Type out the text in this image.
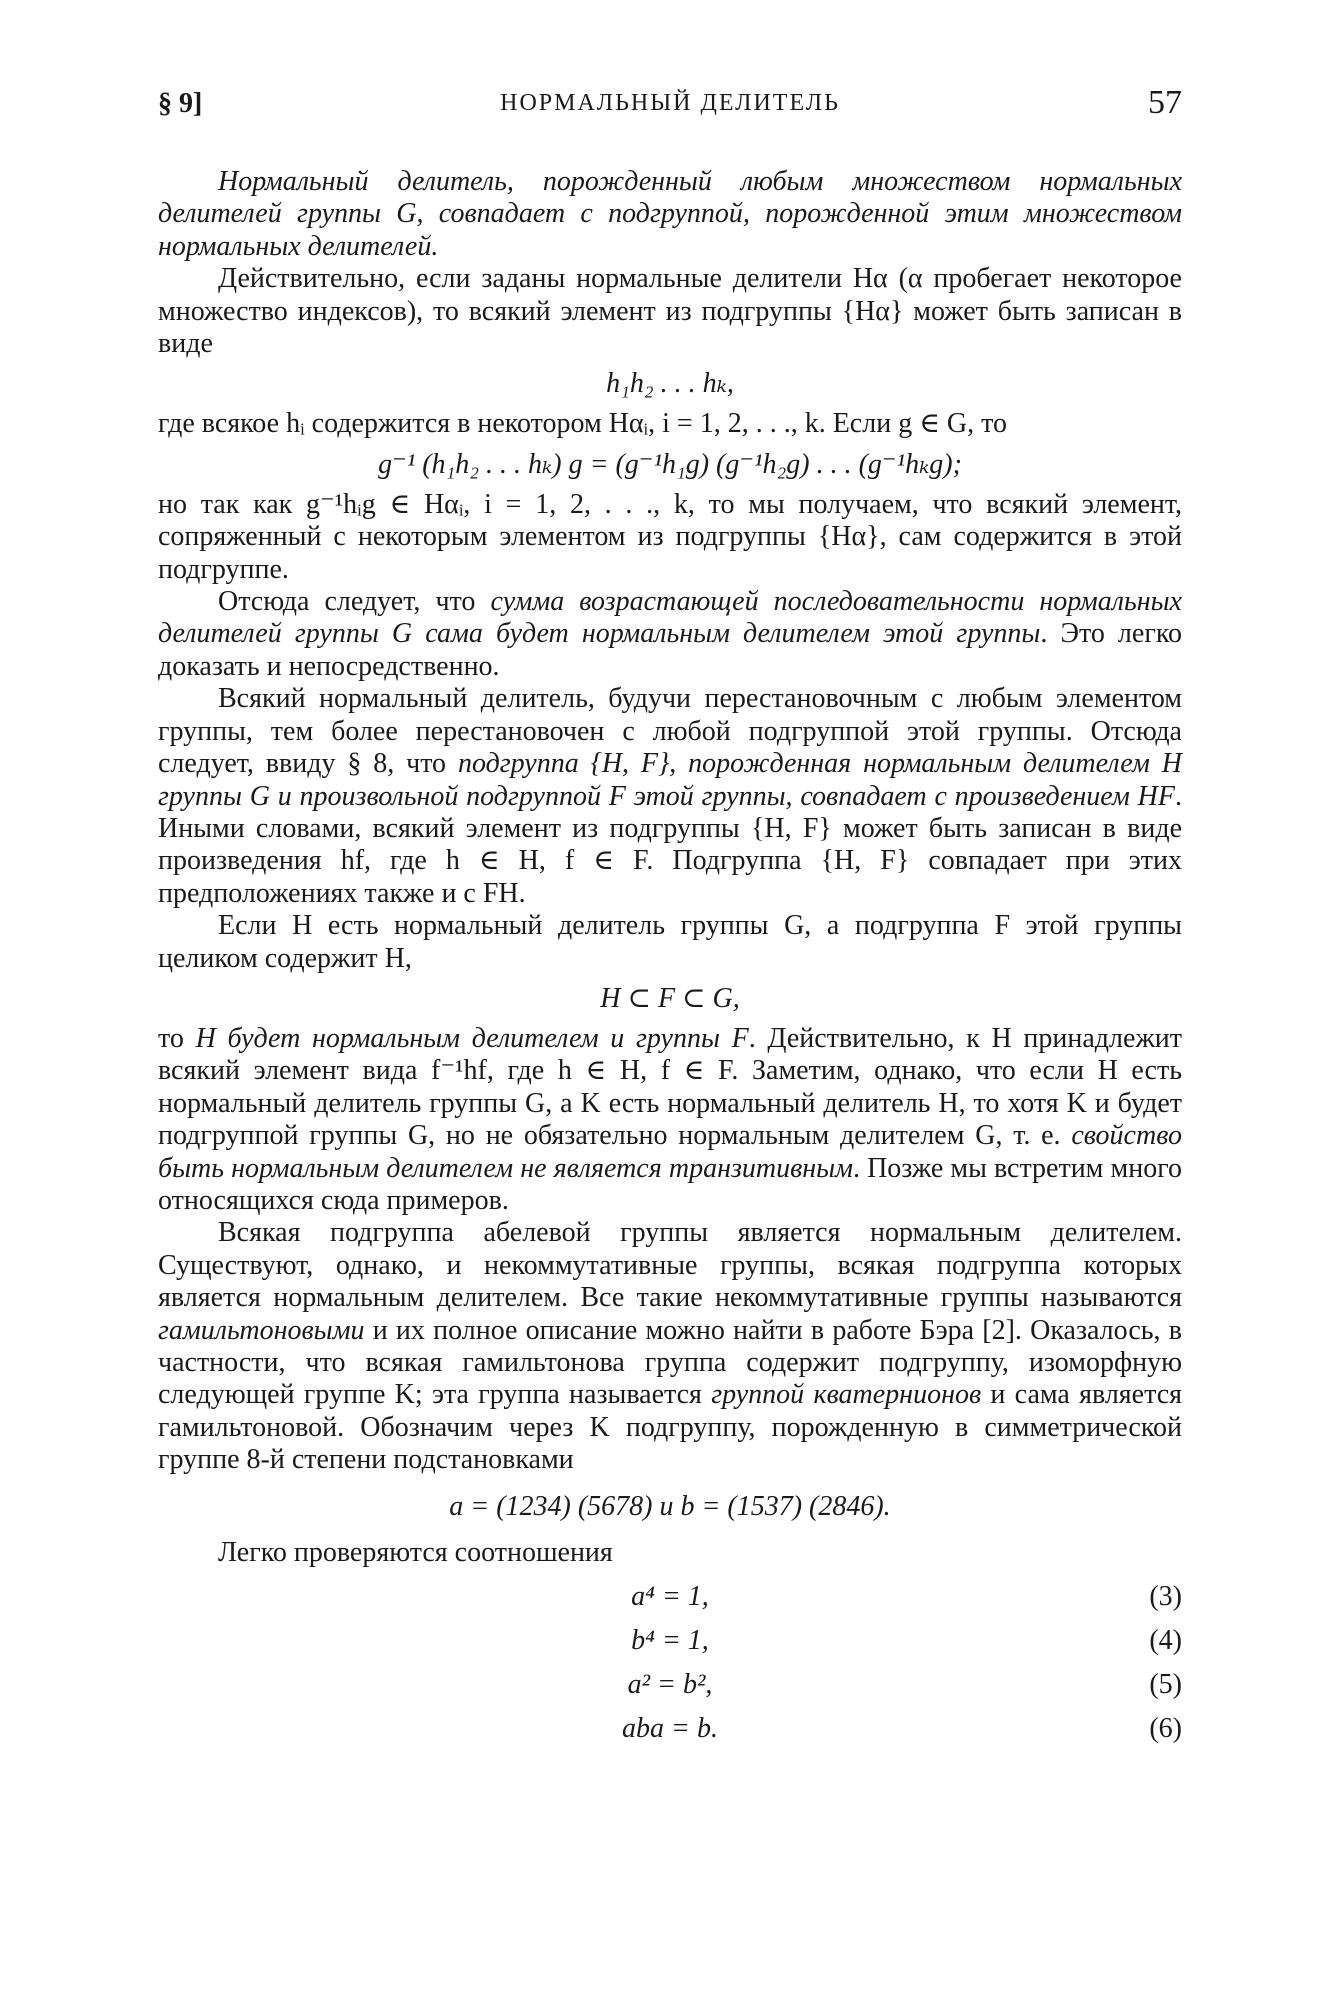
§ 9]	НОРМАЛЬНЫЙ ДЕЛИТЕЛЬ	57

Нормальный делитель, порожденный любым множеством нормальных делителей группы G, совпадает с подгруппой, порожденной этим множеством нормальных делителей.

Действительно, если заданы нормальные делители Hα (α пробегает некоторое множество индексов), то всякий элемент из подгруппы {Hα} может быть записан в виде

h₁h₂ . . . hₖ,

где всякое hᵢ содержится в некотором Hαᵢ, i = 1, 2, . . ., k. Если g ∈ G, то

g⁻¹ (h₁h₂ . . . hₖ) g = (g⁻¹h₁g) (g⁻¹h₂g) . . . (g⁻¹hₖg);

но так как g⁻¹hᵢg ∈ Hαᵢ, i = 1, 2, . . ., k, то мы получаем, что всякий элемент, сопряженный с некоторым элементом из подгруппы {Hα}, сам содержится в этой подгруппе.

Отсюда следует, что сумма возрастающей последовательности нормальных делителей группы G сама будет нормальным делителем этой группы. Это легко доказать и непосредственно.

Всякий нормальный делитель, будучи перестановочным с любым элементом группы, тем более перестановочен с любой подгруппой этой группы. Отсюда следует, ввиду § 8, что подгруппа {H, F}, порожденная нормальным делителем H группы G и произвольной подгруппой F этой группы, совпадает с произведением HF. Иными словами, всякий элемент из подгруппы {H, F} может быть записан в виде произведения hf, где h ∈ H, f ∈ F. Подгруппа {H, F} совпадает при этих предположениях также и с FH.

Если H есть нормальный делитель группы G, а подгруппа F этой группы целиком содержит H,

H ⊂ F ⊂ G,

то H будет нормальным делителем и группы F. Действительно, к H принадлежит всякий элемент вида f⁻¹hf, где h ∈ H, f ∈ F. Заметим, однако, что если H есть нормальный делитель группы G, а K есть нормальный делитель H, то хотя K и будет подгруппой группы G, но не обязательно нормальным делителем G, т. е. свойство быть нормальным делителем не является транзитивным. Позже мы встретим много относящихся сюда примеров.

Всякая подгруппа абелевой группы является нормальным делителем. Существуют, однако, и некоммутативные группы, всякая подгруппа которых является нормальным делителем. Все такие некоммутативные группы называются гамильтоновыми и их полное описание можно найти в работе Бэра [2]. Оказалось, в частности, что всякая гамильтонова группа содержит подгруппу, изоморфную следующей группе K; эта группа называется группой кватернионов и сама является гамильтоновой. Обозначим через K подгруппу, порожденную в симметрической группе 8-й степени подстановками

a = (1234) (5678) и b = (1537) (2846).

Легко проверяются соотношения

a⁴ = 1,	(3)
b⁴ = 1,	(4)
a² = b²,	(5)
aba = b.	(6)
